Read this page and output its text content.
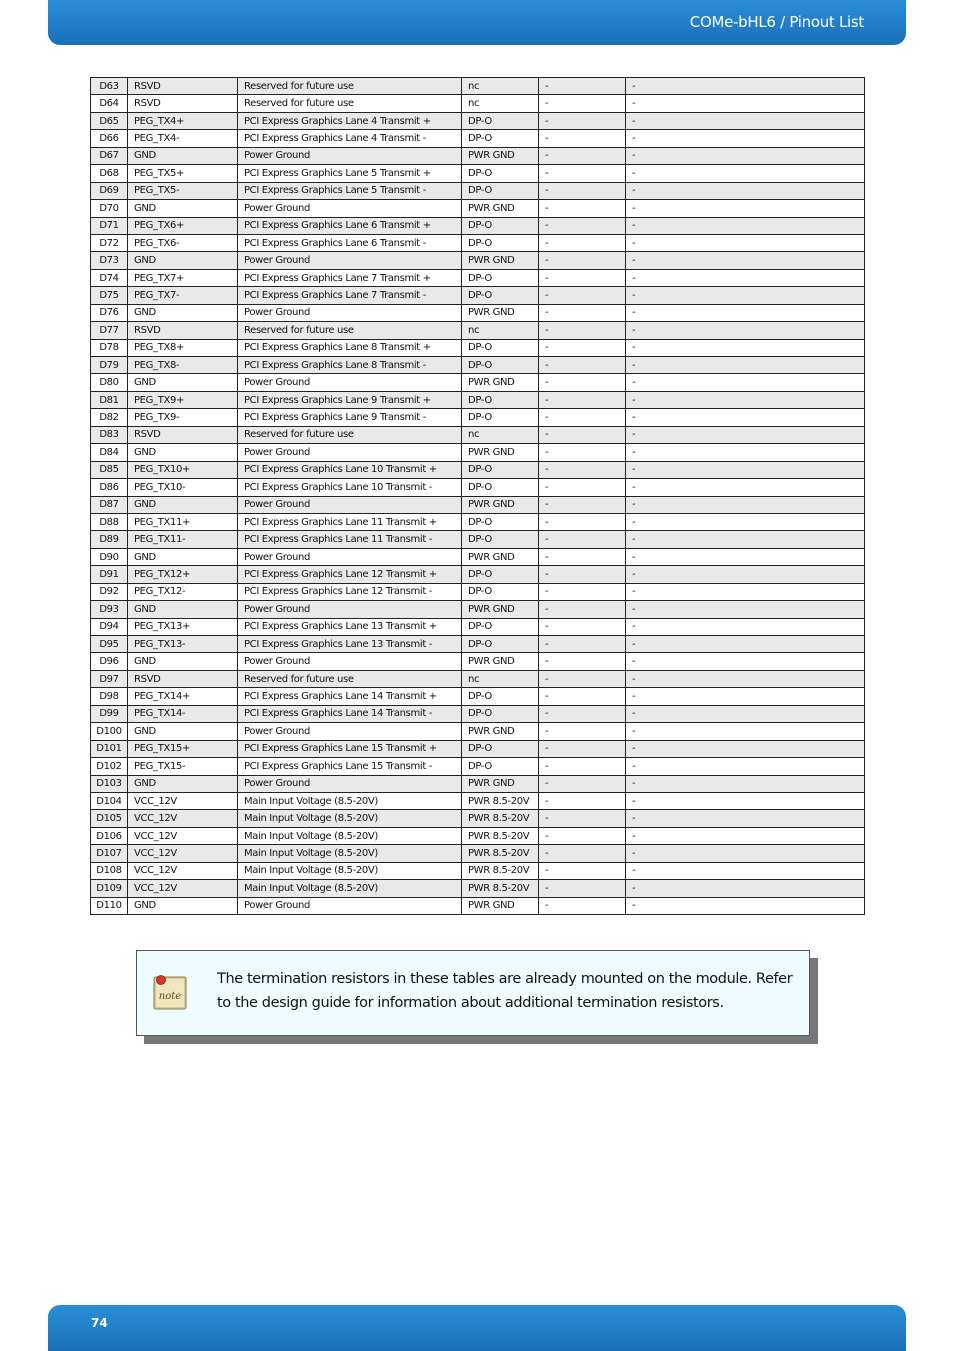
COMe-bHL6 / Pinout List
D63	RSVD	Reserved for future use	nc	-	-
D64	RSVD	Reserved for future use	nc	-	-
D65	PEG_TX4+	PCI Express Graphics Lane 4 Transmit +	DP-O	-	-
D66	PEG_TX4-	PCI Express Graphics Lane 4 Transmit -	DP-O	-	-
D67	GND	Power Ground	PWR GND	-	-
D68	PEG_TX5+	PCI Express Graphics Lane 5 Transmit +	DP-O	-	-
D69	PEG_TX5-	PCI Express Graphics Lane 5 Transmit -	DP-O	-	-
D70	GND	Power Ground	PWR GND	-	-
D71	PEG_TX6+	PCI Express Graphics Lane 6 Transmit +	DP-O	-	-
D72	PEG_TX6-	PCI Express Graphics Lane 6 Transmit -	DP-O	-	-
D73	GND	Power Ground	PWR GND	-	-
D74	PEG_TX7+	PCI Express Graphics Lane 7 Transmit +	DP-O	-	-
D75	PEG_TX7-	PCI Express Graphics Lane 7 Transmit -	DP-O	-	-
D76	GND	Power Ground	PWR GND	-	-
D77	RSVD	Reserved for future use	nc	-	-
D78	PEG_TX8+	PCI Express Graphics Lane 8 Transmit +	DP-O	-	-
D79	PEG_TX8-	PCI Express Graphics Lane 8 Transmit -	DP-O	-	-
D80	GND	Power Ground	PWR GND	-	-
D81	PEG_TX9+	PCI Express Graphics Lane 9 Transmit +	DP-O	-	-
D82	PEG_TX9-	PCI Express Graphics Lane 9 Transmit -	DP-O	-	-
D83	RSVD	Reserved for future use	nc	-	-
D84	GND	Power Ground	PWR GND	-	-
D85	PEG_TX10+	PCI Express Graphics Lane 10 Transmit +	DP-O	-	-
D86	PEG_TX10-	PCI Express Graphics Lane 10 Transmit -	DP-O	-	-
D87	GND	Power Ground	PWR GND	-	-
D88	PEG_TX11+	PCI Express Graphics Lane 11 Transmit +	DP-O	-	-
D89	PEG_TX11-	PCI Express Graphics Lane 11 Transmit -	DP-O	-	-
D90	GND	Power Ground	PWR GND	-	-
D91	PEG_TX12+	PCI Express Graphics Lane 12 Transmit +	DP-O	-	-
D92	PEG_TX12-	PCI Express Graphics Lane 12 Transmit -	DP-O	-	-
D93	GND	Power Ground	PWR GND	-	-
D94	PEG_TX13+	PCI Express Graphics Lane 13 Transmit +	DP-O	-	-
D95	PEG_TX13-	PCI Express Graphics Lane 13 Transmit -	DP-O	-	-
D96	GND	Power Ground	PWR GND	-	-
D97	RSVD	Reserved for future use	nc	-	-
D98	PEG_TX14+	PCI Express Graphics Lane 14 Transmit +	DP-O	-	-
D99	PEG_TX14-	PCI Express Graphics Lane 14 Transmit -	DP-O	-	-
D100	GND	Power Ground	PWR GND	-	-
D101	PEG_TX15+	PCI Express Graphics Lane 15 Transmit +	DP-O	-	-
D102	PEG_TX15-	PCI Express Graphics Lane 15 Transmit -	DP-O	-	-
D103	GND	Power Ground	PWR GND	-	-
D104	VCC_12V	Main Input Voltage (8.5-20V)	PWR 8.5-20V	-	-
D105	VCC_12V	Main Input Voltage (8.5-20V)	PWR 8.5-20V	-	-
D106	VCC_12V	Main Input Voltage (8.5-20V)	PWR 8.5-20V	-	-
D107	VCC_12V	Main Input Voltage (8.5-20V)	PWR 8.5-20V	-	-
D108	VCC_12V	Main Input Voltage (8.5-20V)	PWR 8.5-20V	-	-
D109	VCC_12V	Main Input Voltage (8.5-20V)	PWR 8.5-20V	-	-
D110	GND	Power Ground	PWR GND	-	-
note
The termination resistors in these tables are already mounted on the module. Refer to the design guide for information about additional termination resistors.
74
